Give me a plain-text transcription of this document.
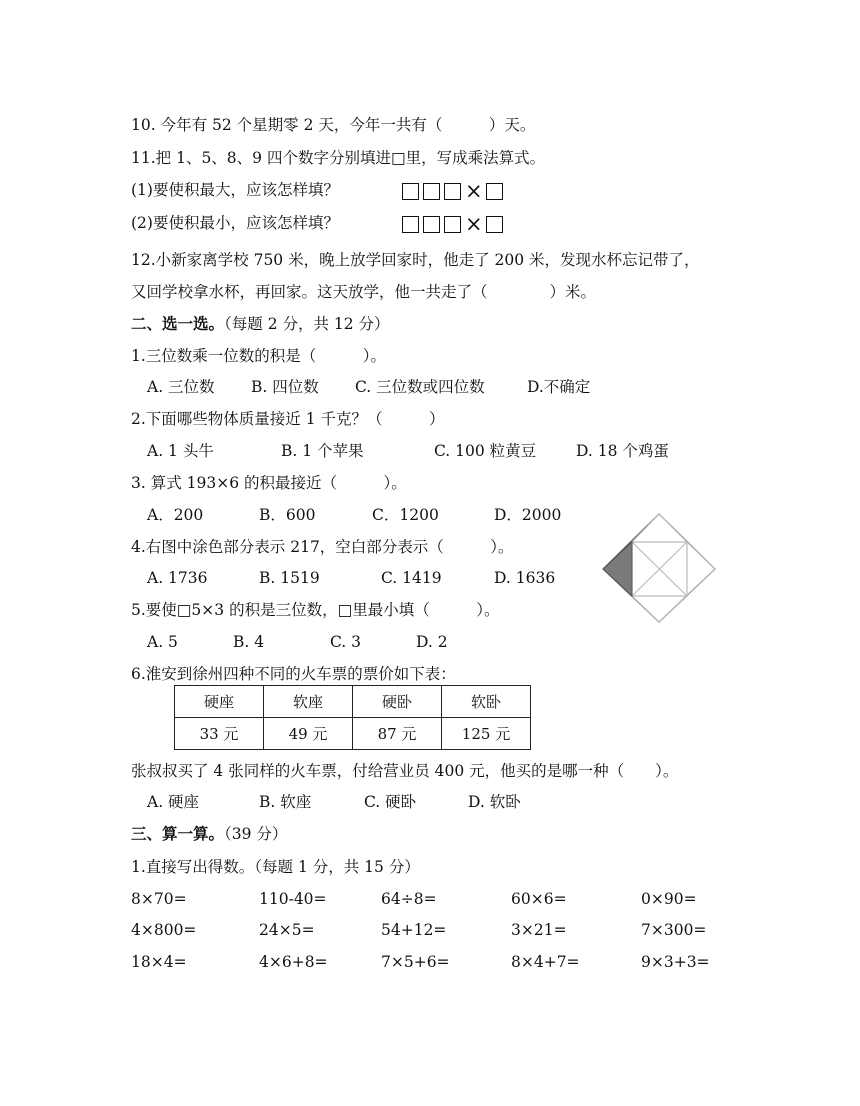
10. 今年有 52 个星期零 2 天，今年一共有（　　　）天。
11.把 1、5、8、9 四个数字分别填进□里，写成乘法算式。
(1)要使积最大，应该怎样填？	×
(2)要使积最小，应该怎样填？	×
12.小新家离学校 750 米，晚上放学回家时，他走了 200 米，发现水杯忘记带了，
又回学校拿水杯，再回家。这天放学，他一共走了（　　　　）米。
二、选一选。（每题 2 分，共 12 分）
1.三位数乘一位数的积是（　　　）。
A. 三位数 B. 四位数 C. 三位数或四位数	D.不确定
2.下面哪些物体质量接近 1 千克？（　　　）
A. 1 头牛	B. 1 个苹果	C. 100 粒黄豆	D. 18 个鸡蛋
3. 算式 193×6 的积最接近（　　　）。
A．200	B．600	C．1200	D．2000
4.右图中涂色部分表示 217，空白部分表示（　　　）。
A. 1736	B. 1519	C. 1419	D. 1636
5.要使□5×3 的积是三位数，□里最小填（　　　）。
A. 5	B. 4	C. 3	D. 2
6.淮安到徐州四种不同的火车票的票价如下表：
硬座	软座	硬卧	软卧
33 元	49 元	87 元	125 元
张叔叔买了 4 张同样的火车票，付给营业员 400 元，他买的是哪一种（　　）。
A. 硬座	B. 软座	C. 硬卧	D. 软卧
三、算一算。（39 分）
1.直接写出得数。（每题 1 分，共 15 分）
8×70=	110-40=	64÷8=	60×6=	0×90=
4×800=	24×5=	54+12=	3×21=	7×300=
18×4=	4×6+8=	7×5+6=	8×4+7=	9×3+3=
